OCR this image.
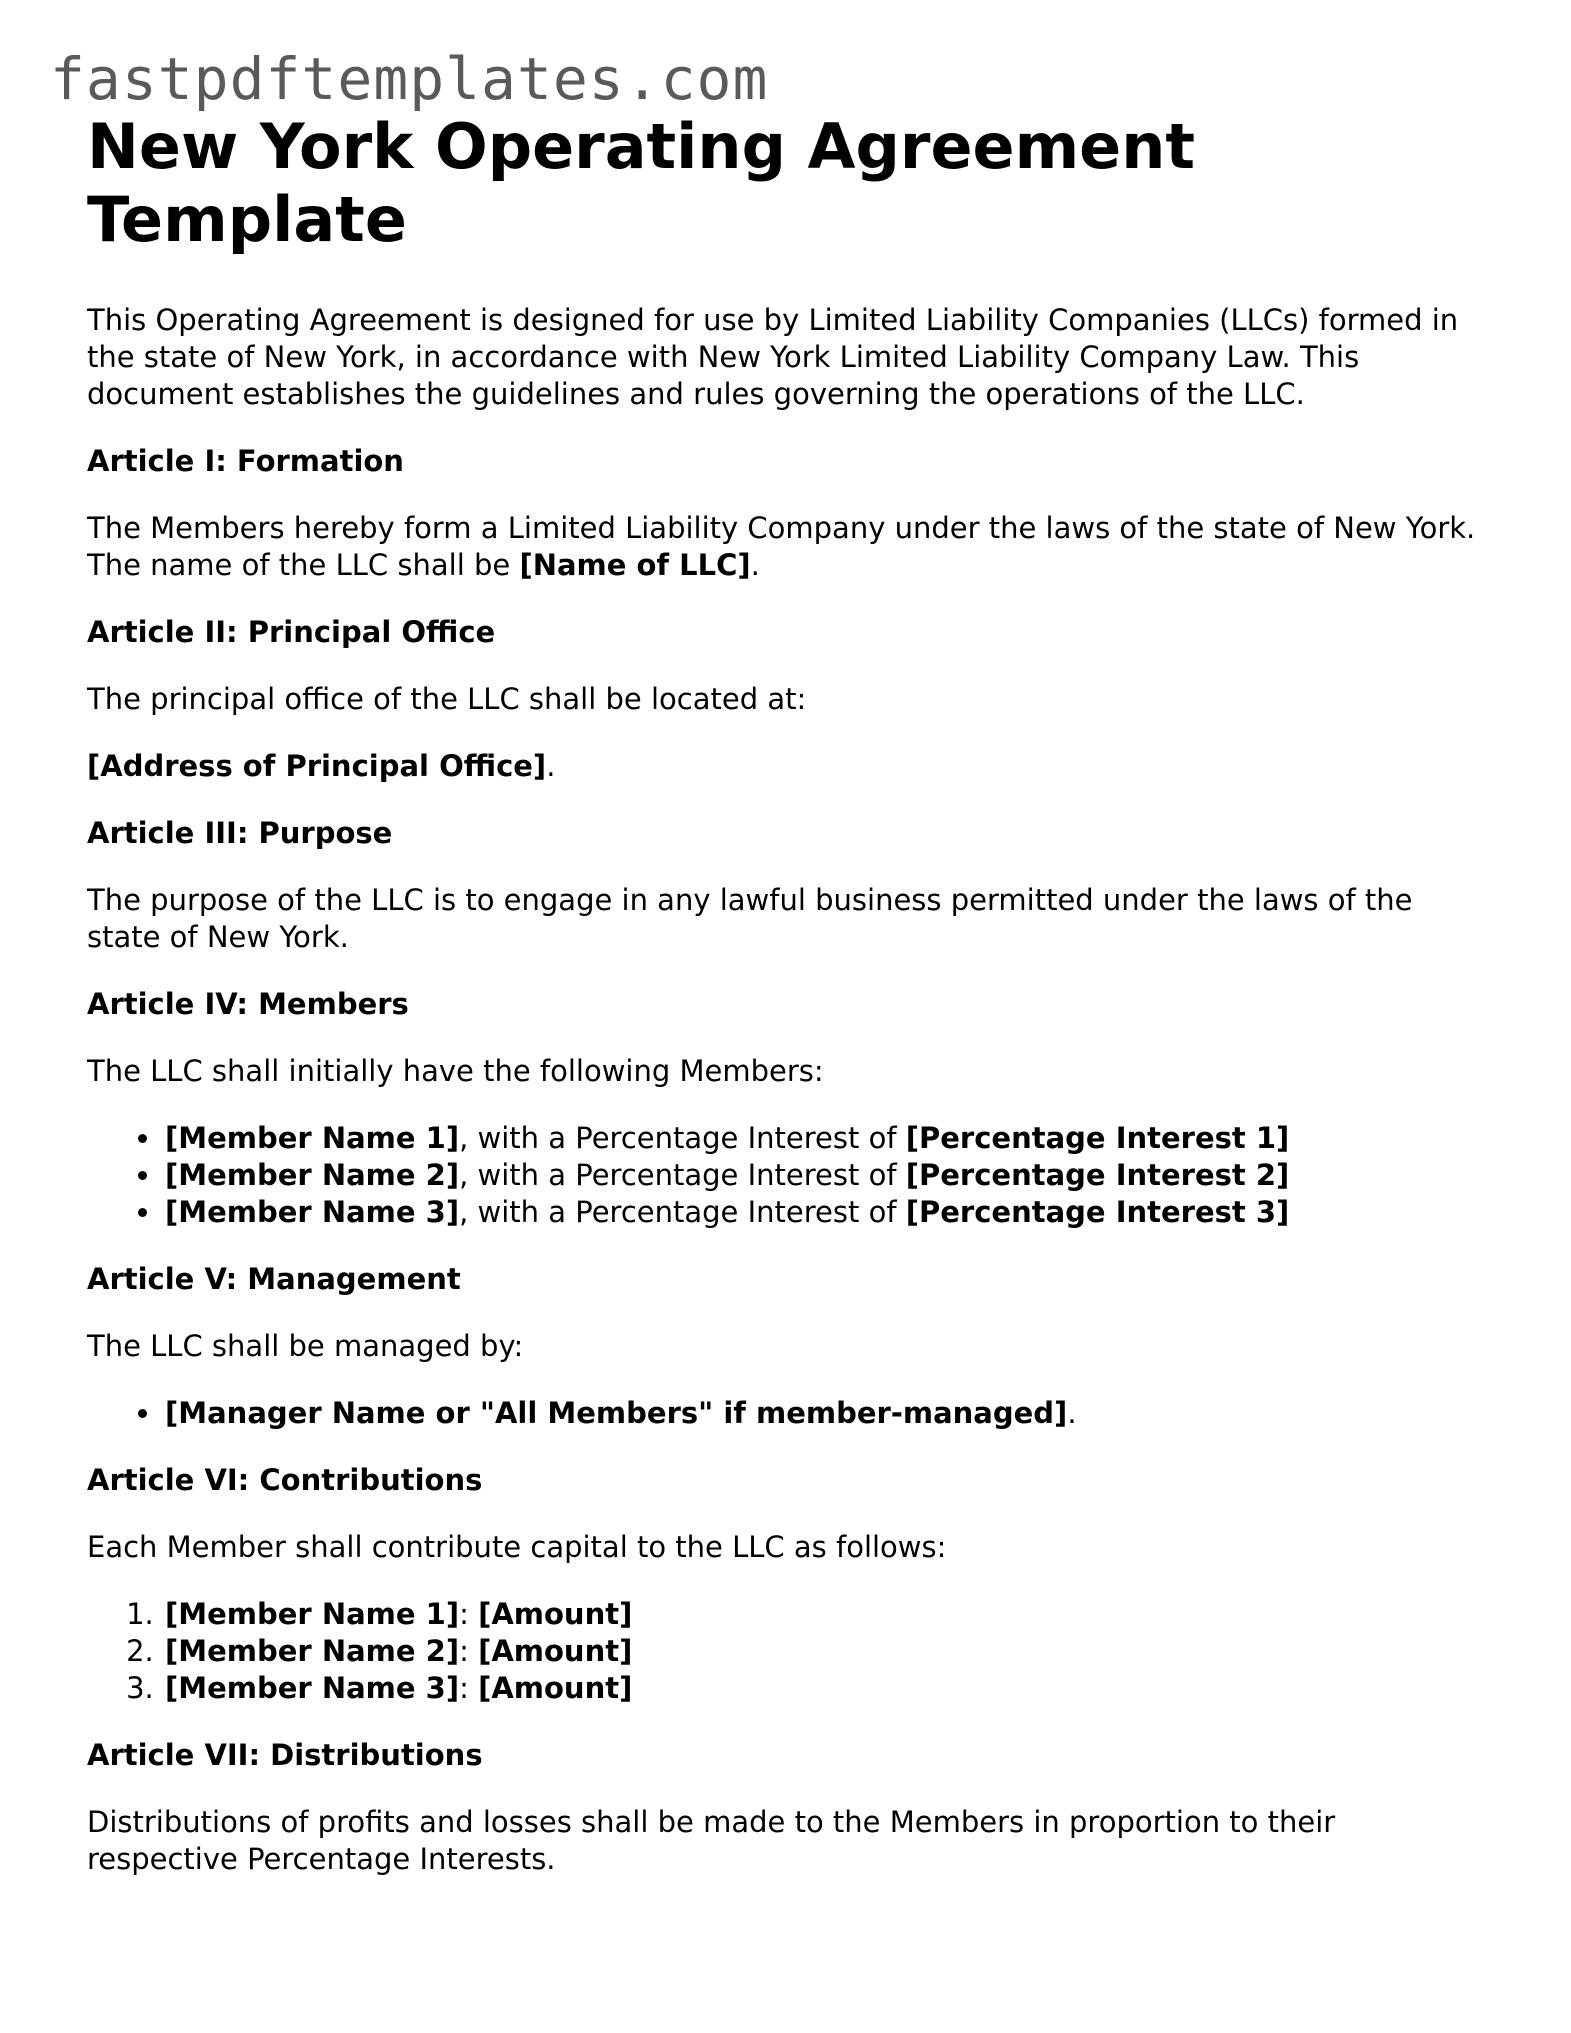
fastpdftemplates.com
New York Operating Agreement Template

This Operating Agreement is designed for use by Limited Liability Companies (LLCs) formed in the state of New York, in accordance with New York Limited Liability Company Law. This document establishes the guidelines and rules governing the operations of the LLC.

Article I: Formation

The Members hereby form a Limited Liability Company under the laws of the state of New York. The name of the LLC shall be [Name of LLC].

Article II: Principal Office

The principal office of the LLC shall be located at:

[Address of Principal Office].

Article III: Purpose

The purpose of the LLC is to engage in any lawful business permitted under the laws of the state of New York.

Article IV: Members

The LLC shall initially have the following Members:

• [Member Name 1], with a Percentage Interest of [Percentage Interest 1]
• [Member Name 2], with a Percentage Interest of [Percentage Interest 2]
• [Member Name 3], with a Percentage Interest of [Percentage Interest 3]
Article V: Management

The LLC shall be managed by:

• [Manager Name or "All Members" if member-managed].
Article VI: Contributions

Each Member shall contribute capital to the LLC as follows:

1. [Member Name 1]: [Amount]
2. [Member Name 2]: [Amount]
3. [Member Name 3]: [Amount]
Article VII: Distributions

Distributions of profits and losses shall be made to the Members in proportion to their respective Percentage Interests.
